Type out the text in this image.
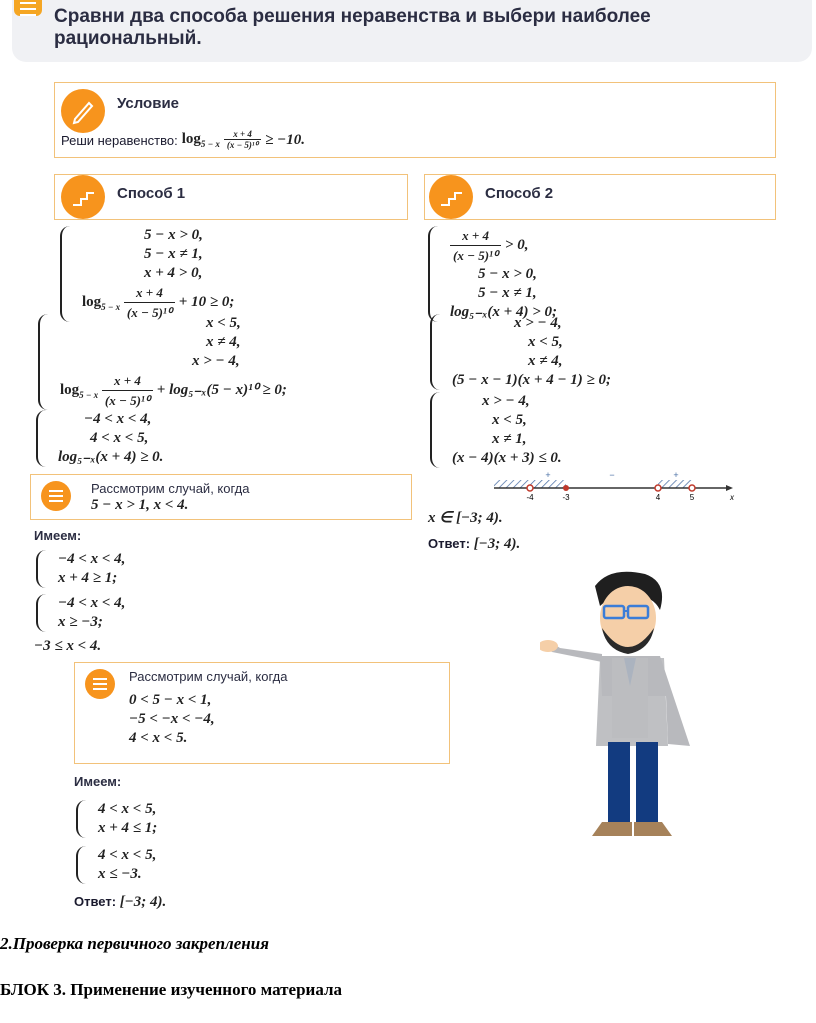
Сравни два способа решения неравенства и выбери наиболее рациональный.
Условие
Реши неравенство: $\log_{5 - x} \frac{x + 4}{\text{(x − 5)¹⁰}} \ge -10$.
Способ 1	Способ 2
5 − x > 0,
5 − x ≠ 1,
x + 4 > 0,
$\log_{5 - x} \frac{x + 4}{\text{(x − 5)¹⁰}} + 10 \ge 0$;
x < 5,
x ≠ 4,
x > − 4,
$\log_{5 - x} \frac{x + 4}{\text{(x − 5)¹⁰}} + \log_{5-x}(5 - x)^{10} \ge 0$;
−4 < x < 4,
4 < x < 5,
log₅₋ₓ(x + 4) ≥ 0.
Рассмотрим случай, когда
5 − x > 1, x < 4.
Имеем:
−4 < x < 4,
x + 4 ≥ 1;
−4 < x < 4,
x ≥ −3;
−3 ≤ x < 4.
Рассмотрим случай, когда
0 < 5 − x < 1,
−5 < −x < −4,
4 < x < 5.
Имеем:
4 < x < 5,
x + 4 ≤ 1;
4 < x < 5,
x ≤ −3.
Ответ: [−3; 4).
$\frac{x + 4}{\text{(x − 5)¹⁰}} > 0$,
5 − x > 0,
5 − x ≠ 1,
log₅₋ₓ(x + 4) > 0;
x > − 4,
x < 5,
x ≠ 4,
(5 − x − 1)(x + 4 − 1) ≥ 0;
x > − 4,
x < 5,
x ≠ 1,
(x − 4)(x + 3) ≤ 0.
+	−	+
-4	-3	4	5	x
x ∈ [−3; 4).
Ответ: [−3; 4).
2.Проверка первичного закрепления
БЛОК 3. Применение изученного материала
